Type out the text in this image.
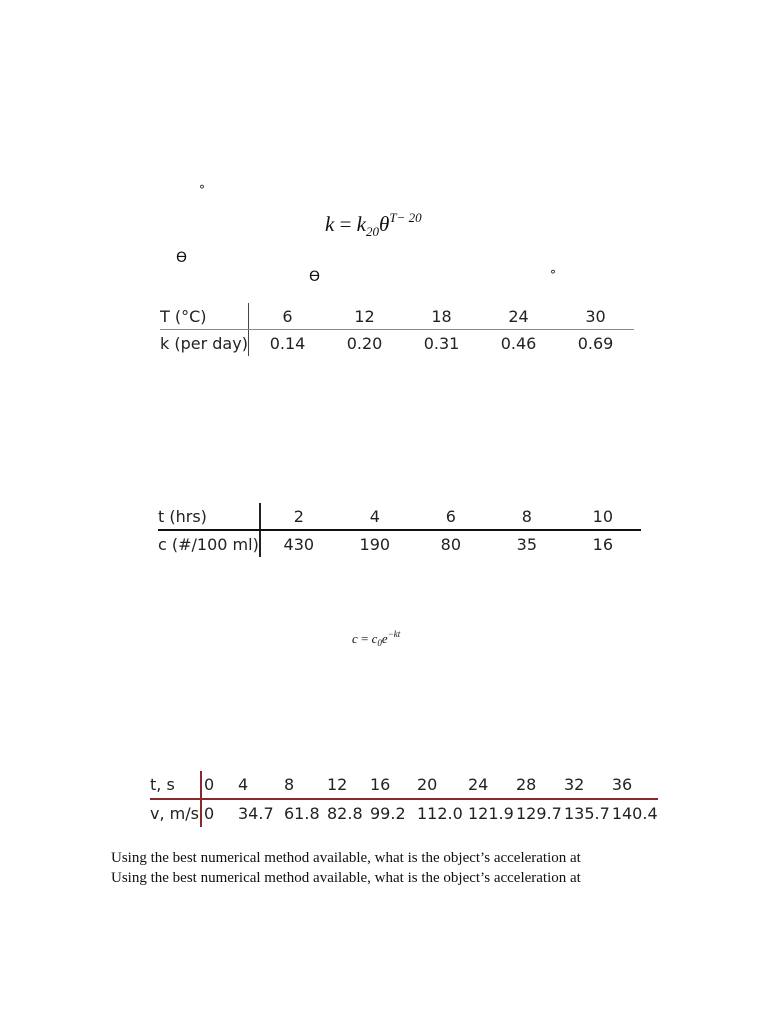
°
ϴ
ϴ	°
$k = k_{20}\theta^{T- 20}$
T (°C)	6	12	18	24	30
k (per day)	0.14	0.20	0.31	0.46	0.69
t (hrs)	2	4	6	8	10
c (#/100 ml)	430	190	80	35	16
$c = c_0e^{-kt}$
t, s	0	4	8	12	16	20	24	28	32	36
v, m/s	0	34.7	61.8	82.8	99.2	112.0	121.9	129.7	135.7	140.4
Using the best numerical method available, what is the object’s acceleration at
Using the best numerical method available, what is the object’s acceleration at
